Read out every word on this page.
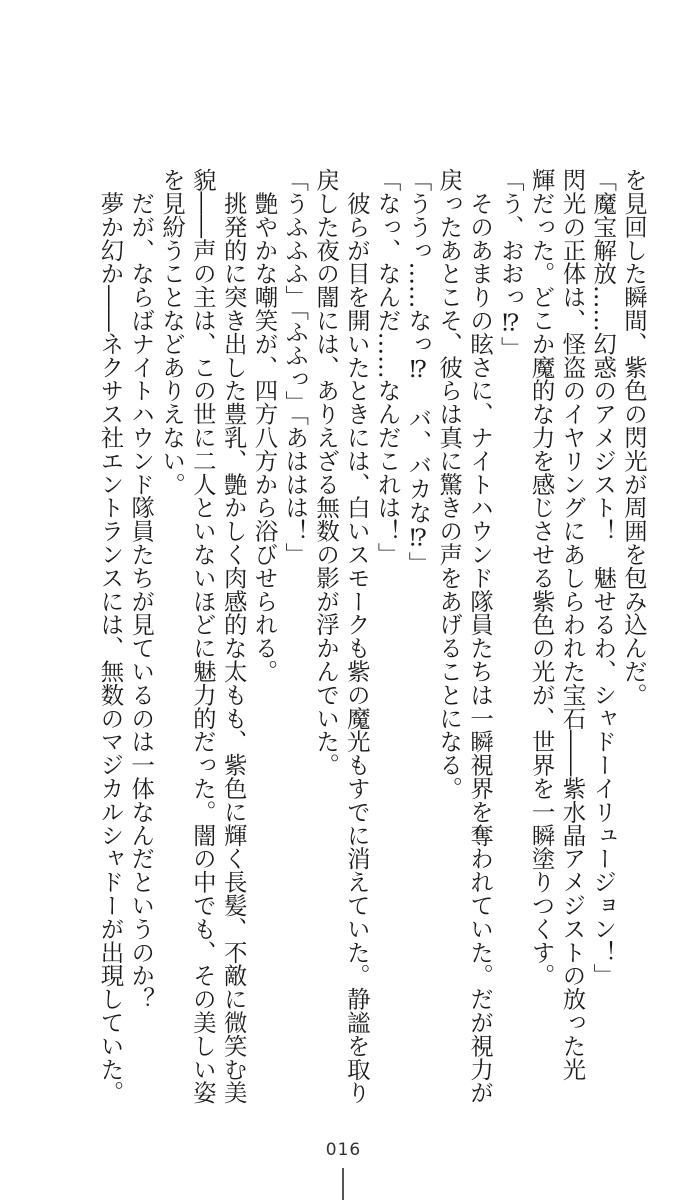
を見回した瞬間、紫色の閃光が周囲を包み込んだ。
「魔宝解放……幻惑のアメジスト！　魅せるわ、シャドーイリュージョン！」
閃光の正体は、怪盗のイヤリングにあしらわれた宝石――紫水晶アメジストの放った光
輝だった。どこか魔的な力を感じさせる紫色の光が、世界を一瞬塗りつくす。
「う、おおっ⁉」
　そのあまりの眩さに、ナイトハウンド隊員たちは一瞬視界を奪われていた。だが視力が
戻ったあとこそ、彼らは真に驚きの声をあげることになる。
「ううっ……なっ⁉　バ、バカな⁉」
「なっ、なんだ……なんだこれは！」
　彼らが目を開いたときには、白いスモークも紫の魔光もすでに消えていた。静謐を取り
戻した夜の闇には、ありえざる無数の影が浮かんでいた。
「うふふふ」「ふふっ」「あははは！」
　艶やかな嘲笑が、四方八方から浴びせられる。
　挑発的に突き出した豊乳、艶かしく肉感的な太もも、紫色に輝く長髪、不敵に微笑む美
貌――声の主は、この世に二人といないほどに魅力的だった。闇の中でも、その美しい姿
を見紛うことなどありえない。
　だが、ならばナイトハウンド隊員たちが見ているのは一体なんだというのか？
　夢か幻か――ネクサス社エントランスには、無数のマジカルシャドーが出現していた。
016
